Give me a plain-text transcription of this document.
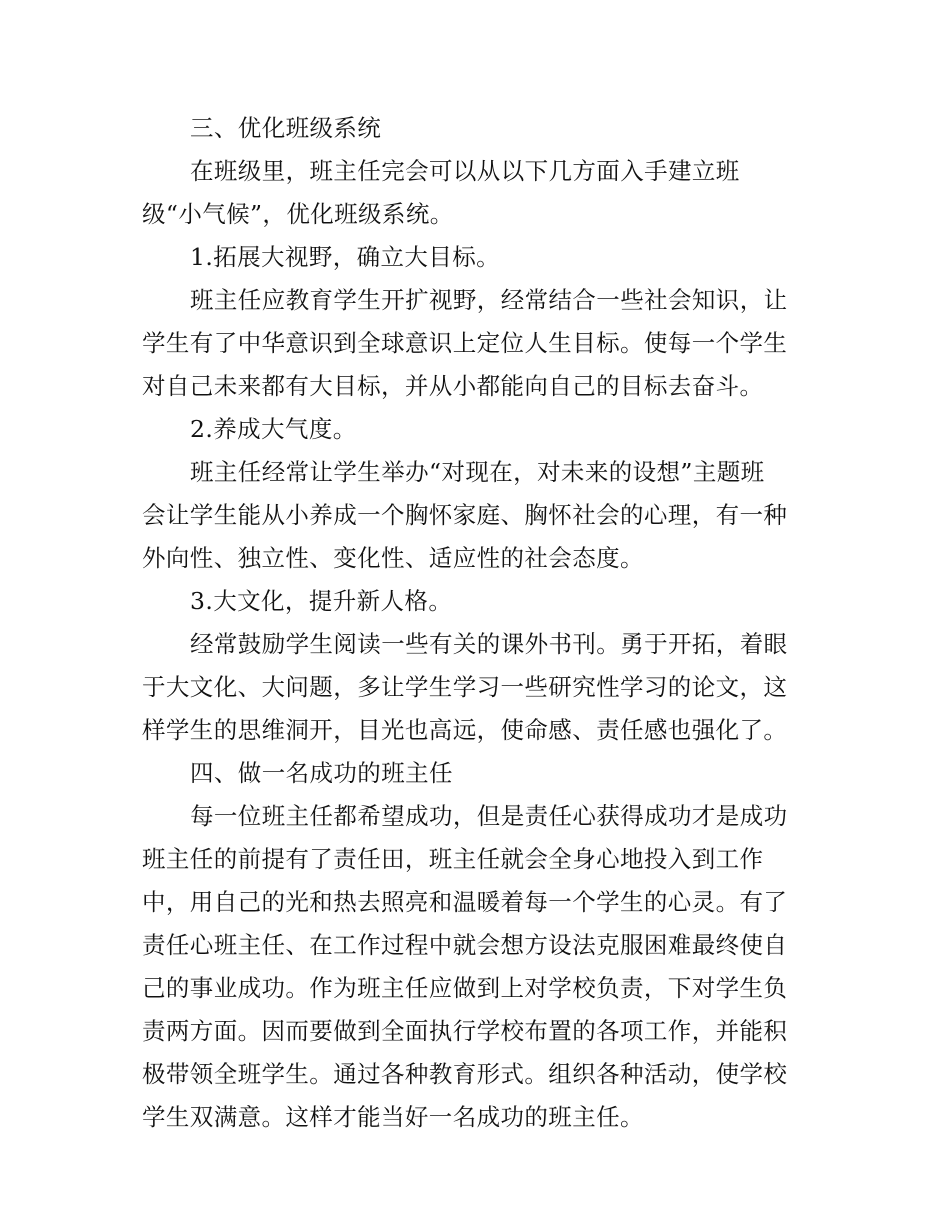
三、优化班级系统
在班级里，班主任完会可以从以下几方面入手建立班
级“小气候”，优化班级系统。
1.拓展大视野，确立大目标。
班主任应教育学生开扩视野，经常结合一些社会知识，让
学生有了中华意识到全球意识上定位人生目标。使每一个学生
对自己未来都有大目标，并从小都能向自己的目标去奋斗。
2.养成大气度。
班主任经常让学生举办“对现在，对未来的设想”主题班
会让学生能从小养成一个胸怀家庭、胸怀社会的心理，有一种
外向性、独立性、变化性、适应性的社会态度。
3.大文化，提升新人格。
经常鼓励学生阅读一些有关的课外书刊。勇于开拓，着眼
于大文化、大问题，多让学生学习一些研究性学习的论文，这
样学生的思维洞开，目光也高远，使命感、责任感也强化了。
四、做一名成功的班主任
每一位班主任都希望成功，但是责任心获得成功才是成功
班主任的前提有了责任田，班主任就会全身心地投入到工作
中，用自己的光和热去照亮和温暖着每一个学生的心灵。有了
责任心班主任、在工作过程中就会想方设法克服困难最终使自
己的事业成功。作为班主任应做到上对学校负责，下对学生负
责两方面。因而要做到全面执行学校布置的各项工作，并能积
极带领全班学生。通过各种教育形式。组织各种活动，使学校
学生双满意。这样才能当好一名成功的班主任。
